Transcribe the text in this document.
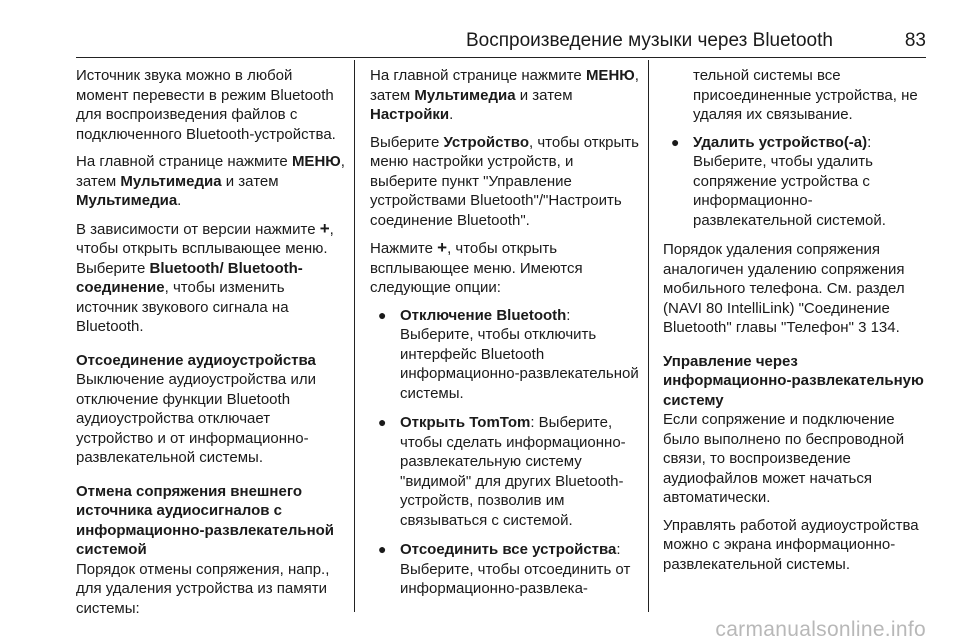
Воспроизведение музыки через Bluetooth	83

Источник звука можно в любой момент перевести в режим Bluetooth для воспроизведения файлов с подключенного Bluetooth-устройства.

На главной странице нажмите МЕНЮ, затем Мультимедиа и затем Мультимедиа.

В зависимости от версии нажмите +, чтобы открыть всплывающее меню. Выберите Bluetooth/ Bluetooth-соединение, чтобы изменить источник звукового сигнала на Bluetooth.

Отсоединение аудиоустройства

Выключение аудиоустройства или отключение функции Bluetooth аудиоустройства отключает устройство и от информационно-развлекательной системы.

Отмена сопряжения внешнего источника аудиосигналов с информационно-развлекательной системой

Порядок отмены сопряжения, напр., для удаления устройства из памяти системы:

На главной странице нажмите МЕНЮ, затем Мультимедиа и затем Настройки.

Выберите Устройство, чтобы открыть меню настройки устройств, и выберите пункт "Управление устройствами Bluetooth"/"Настроить соединение Bluetooth".

Нажмите +, чтобы открыть всплывающее меню. Имеются следующие опции:

● Отключение Bluetooth: Выберите, чтобы отключить интерфейс Bluetooth информационно-развлекательной системы.
● Открыть TomTom: Выберите, чтобы сделать информационно-развлекательную систему "видимой" для других Bluetooth-устройств, позволив им связываться с системой.
● Отсоединить все устройства: Выберите, чтобы отсоединить от информационно-развлека-

тельной системы все присоединенные устройства, не удаляя их связывание.

● Удалить устройство(-а): Выберите, чтобы удалить сопряжение устройства с информационно-развлекательной системой.

Порядок удаления сопряжения аналогичен удалению сопряжения мобильного телефона. См. раздел (NAVI 80 IntelliLink) "Соединение Bluetooth" главы "Телефон" 3 134.

Управление через информационно-развлекательную систему

Если сопряжение и подключение было выполнено по беспроводной связи, то воспроизведение аудиофайлов может начаться автоматически.

Управлять работой аудиоустройства можно с экрана информационно-развлекательной системы.

carmanualsonline.info
